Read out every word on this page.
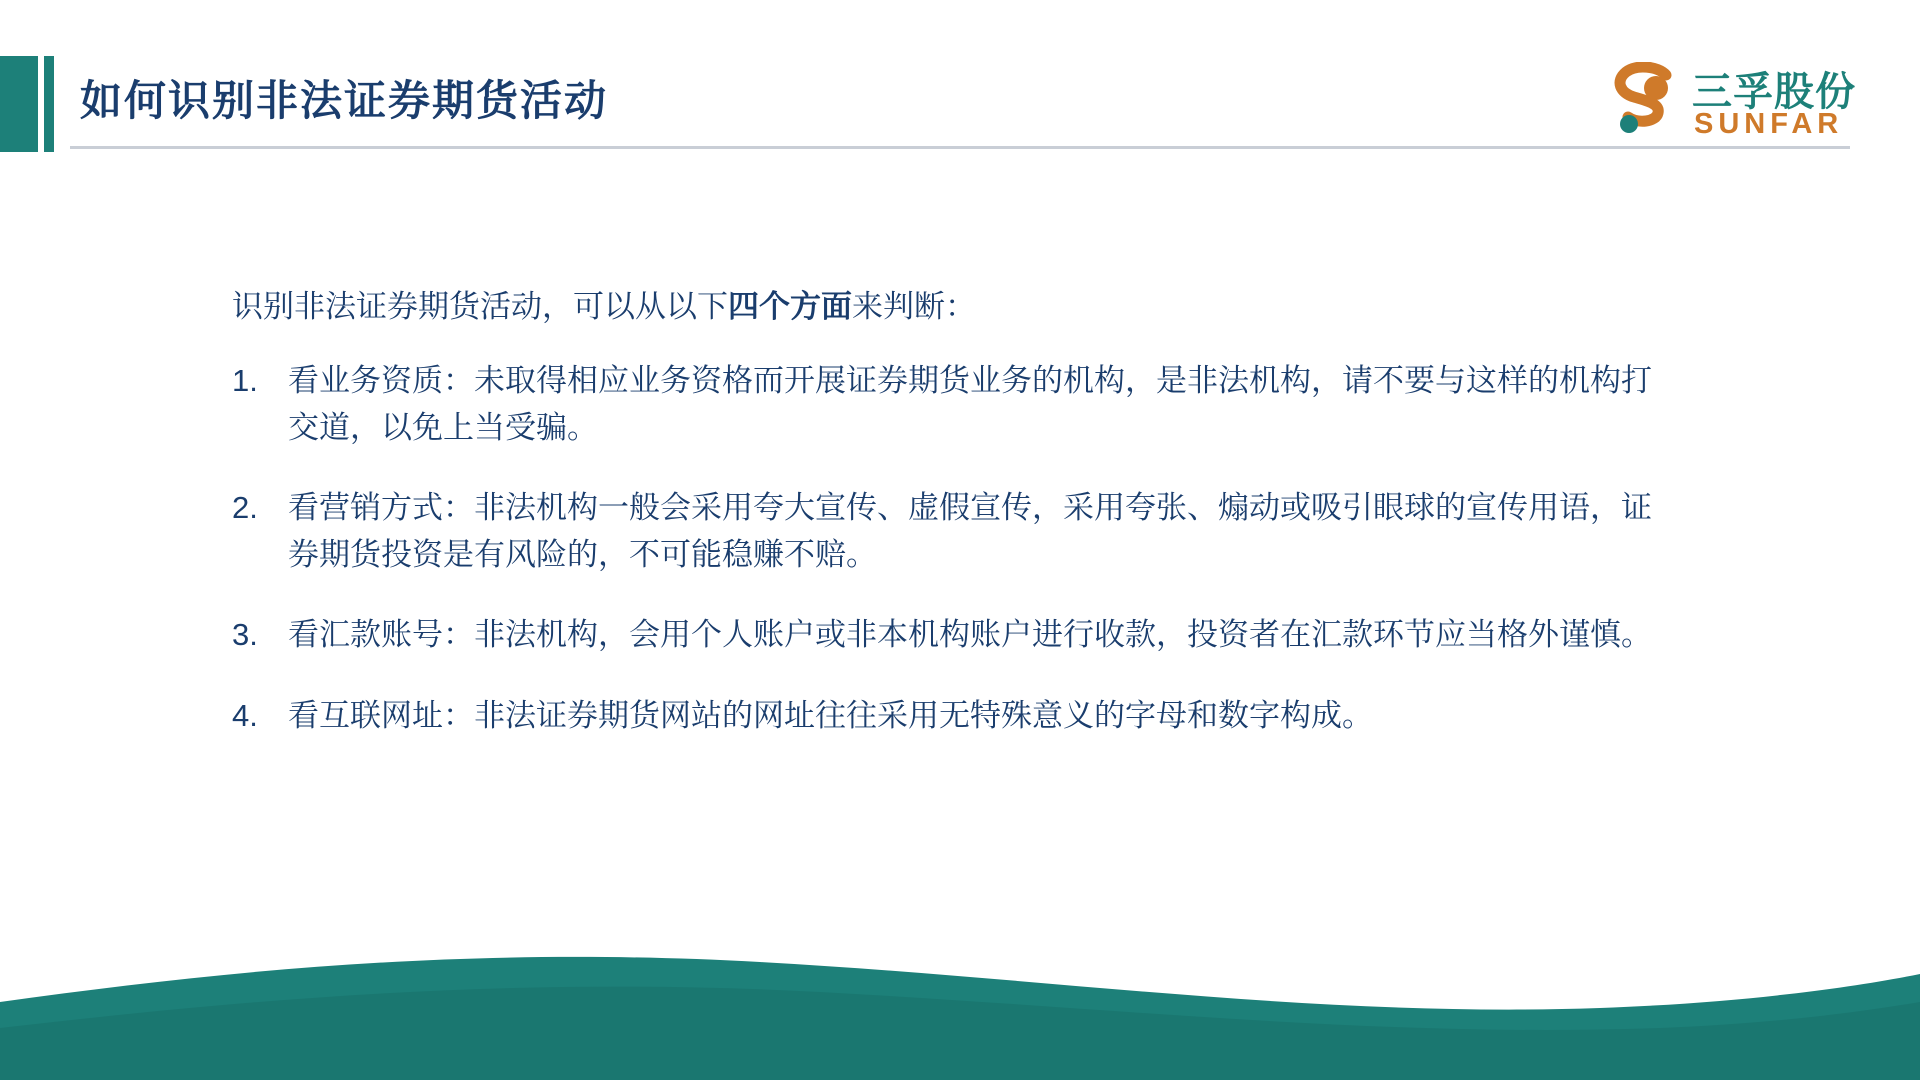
如何识别非法证券期货活动	三孚股份
SUNFAR

识别非法证券期货活动，可以从以下四个方面来判断：

1. 看业务资质：未取得相应业务资格而开展证券期货业务的机构，是非法机构，请不要与这样的机构打交道，以免上当受骗。
2. 看营销方式：非法机构一般会采用夸大宣传、虚假宣传，采用夸张、煽动或吸引眼球的宣传用语，证券期货投资是有风险的，不可能稳赚不赔。
3. 看汇款账号：非法机构，会用个人账户或非本机构账户进行收款，投资者在汇款环节应当格外谨慎。
4. 看互联网址：非法证券期货网站的网址往往采用无特殊意义的字母和数字构成。
